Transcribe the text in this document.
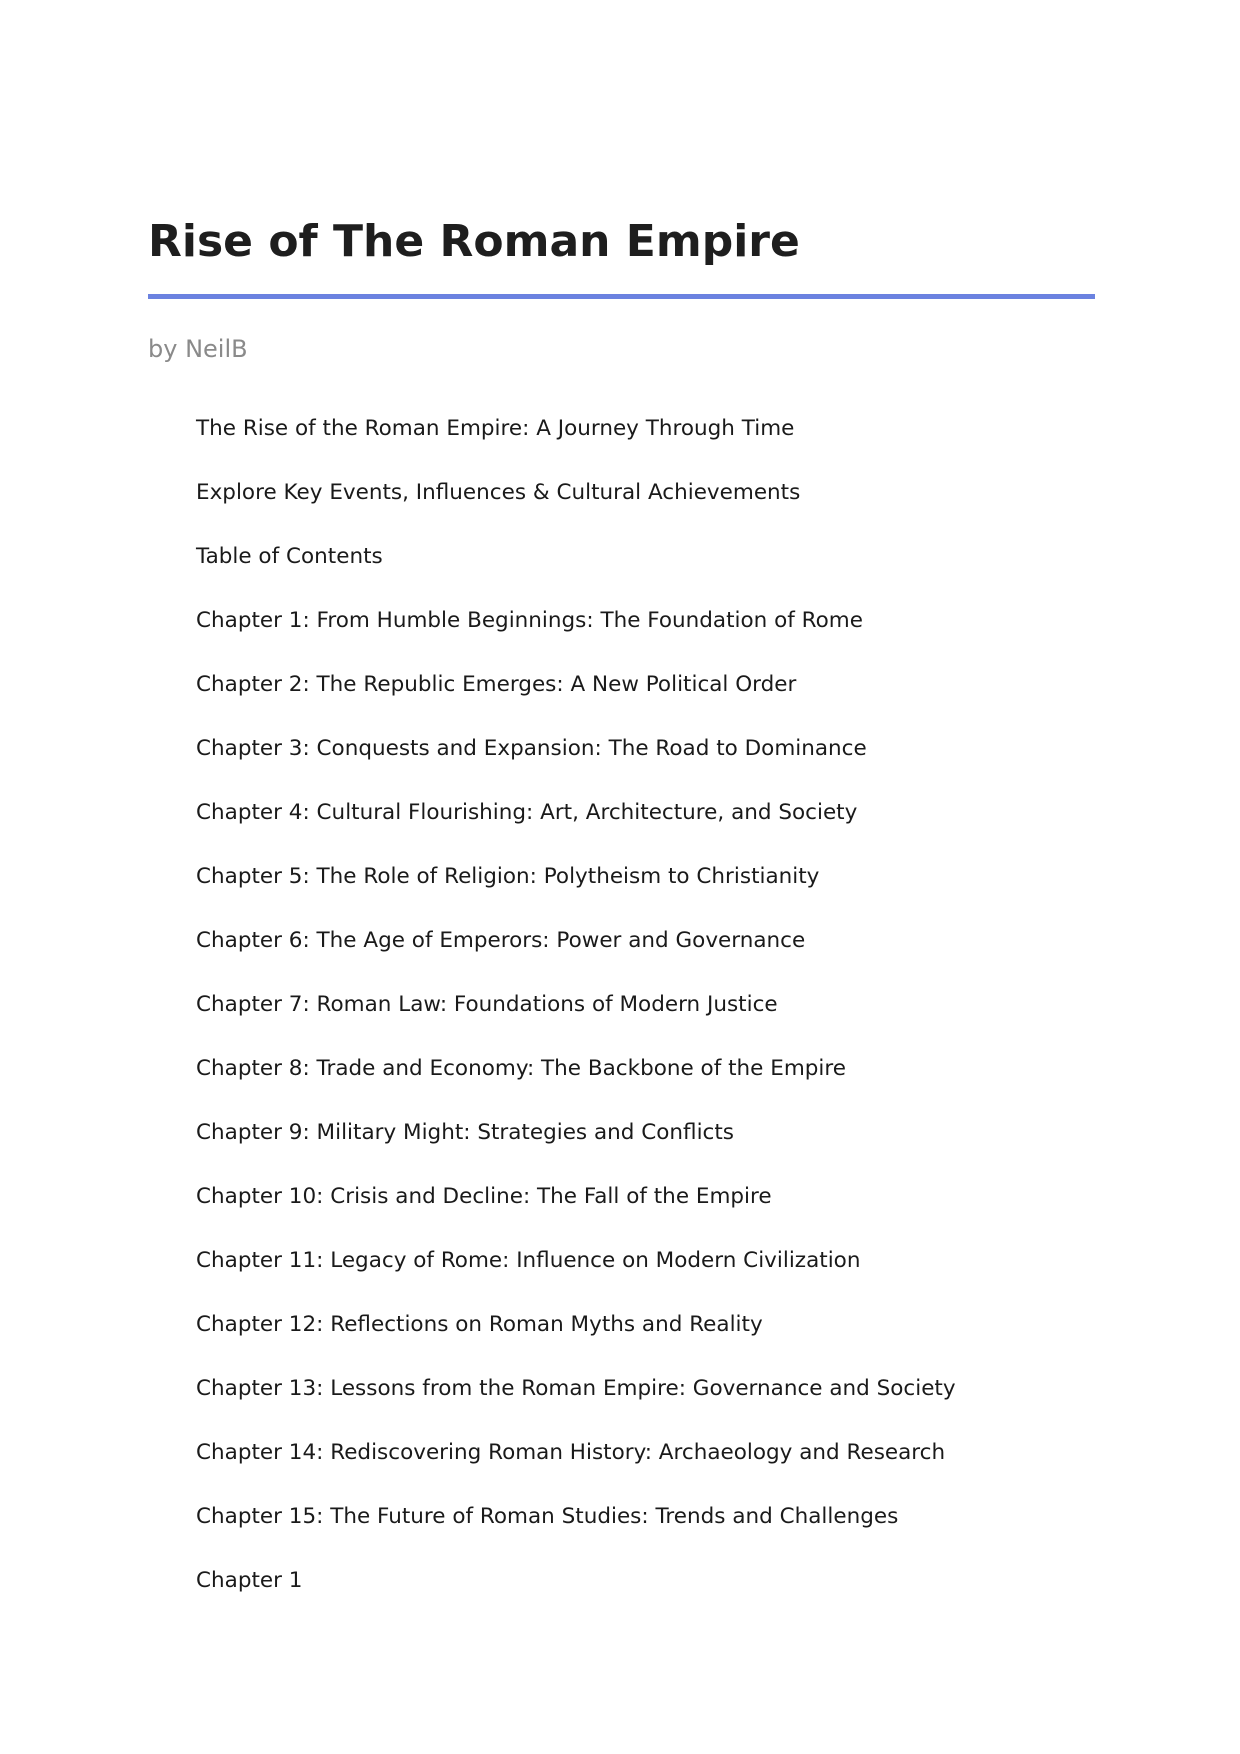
Rise of The Roman Empire

by NeilB

The Rise of the Roman Empire: A Journey Through Time
Explore Key Events, Influences & Cultural Achievements
Table of Contents
Chapter 1: From Humble Beginnings: The Foundation of Rome
Chapter 2: The Republic Emerges: A New Political Order
Chapter 3: Conquests and Expansion: The Road to Dominance
Chapter 4: Cultural Flourishing: Art, Architecture, and Society
Chapter 5: The Role of Religion: Polytheism to Christianity
Chapter 6: The Age of Emperors: Power and Governance
Chapter 7: Roman Law: Foundations of Modern Justice
Chapter 8: Trade and Economy: The Backbone of the Empire
Chapter 9: Military Might: Strategies and Conflicts
Chapter 10: Crisis and Decline: The Fall of the Empire
Chapter 11: Legacy of Rome: Influence on Modern Civilization
Chapter 12: Reflections on Roman Myths and Reality
Chapter 13: Lessons from the Roman Empire: Governance and Society
Chapter 14: Rediscovering Roman History: Archaeology and Research
Chapter 15: The Future of Roman Studies: Trends and Challenges
Chapter 1
